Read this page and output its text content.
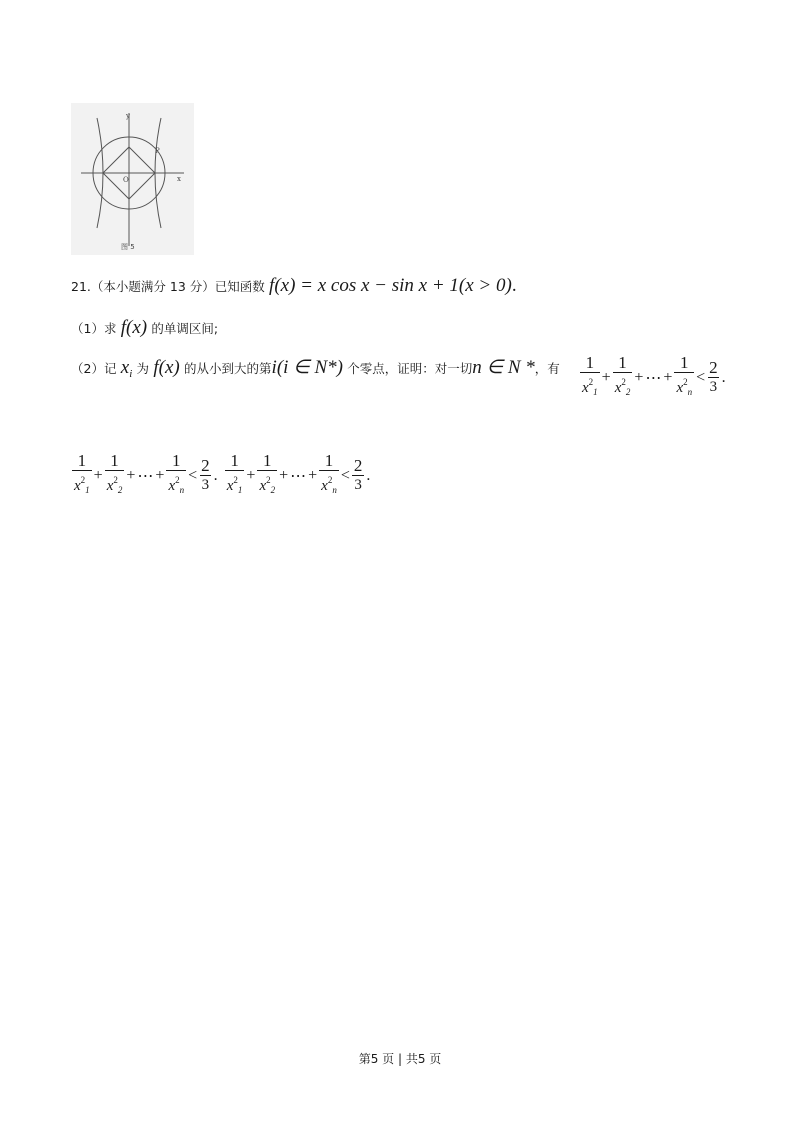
y
x
O
P
图 5
21.（本小题满分 13 分）已知函数 f(x) = x cos x − sin x + 1(x > 0).
（1）求 f(x) 的单调区间;
（2）记 $x_i$ 为 f(x) 的从小到大的第i(i ∈ N*) 个零点，证明：对一切n ∈ N *，有 $\frac{1}{x^2_1} + \frac{1}{x^2_2}$ + ⋯ + $\frac{1}{x^2_n} < \frac{2}{3}$ .
$\frac{1}{x^2_1} + \frac{1}{x^2_2}$ + ⋯ + $\frac{1}{x^2_n} < \frac{2}{3}$ . $\frac{1}{x^2_1} + \frac{1}{x^2_2}$ + ⋯ + $\frac{1}{x^2_n} < \frac{2}{3}$ .
第5 页 | 共5 页
